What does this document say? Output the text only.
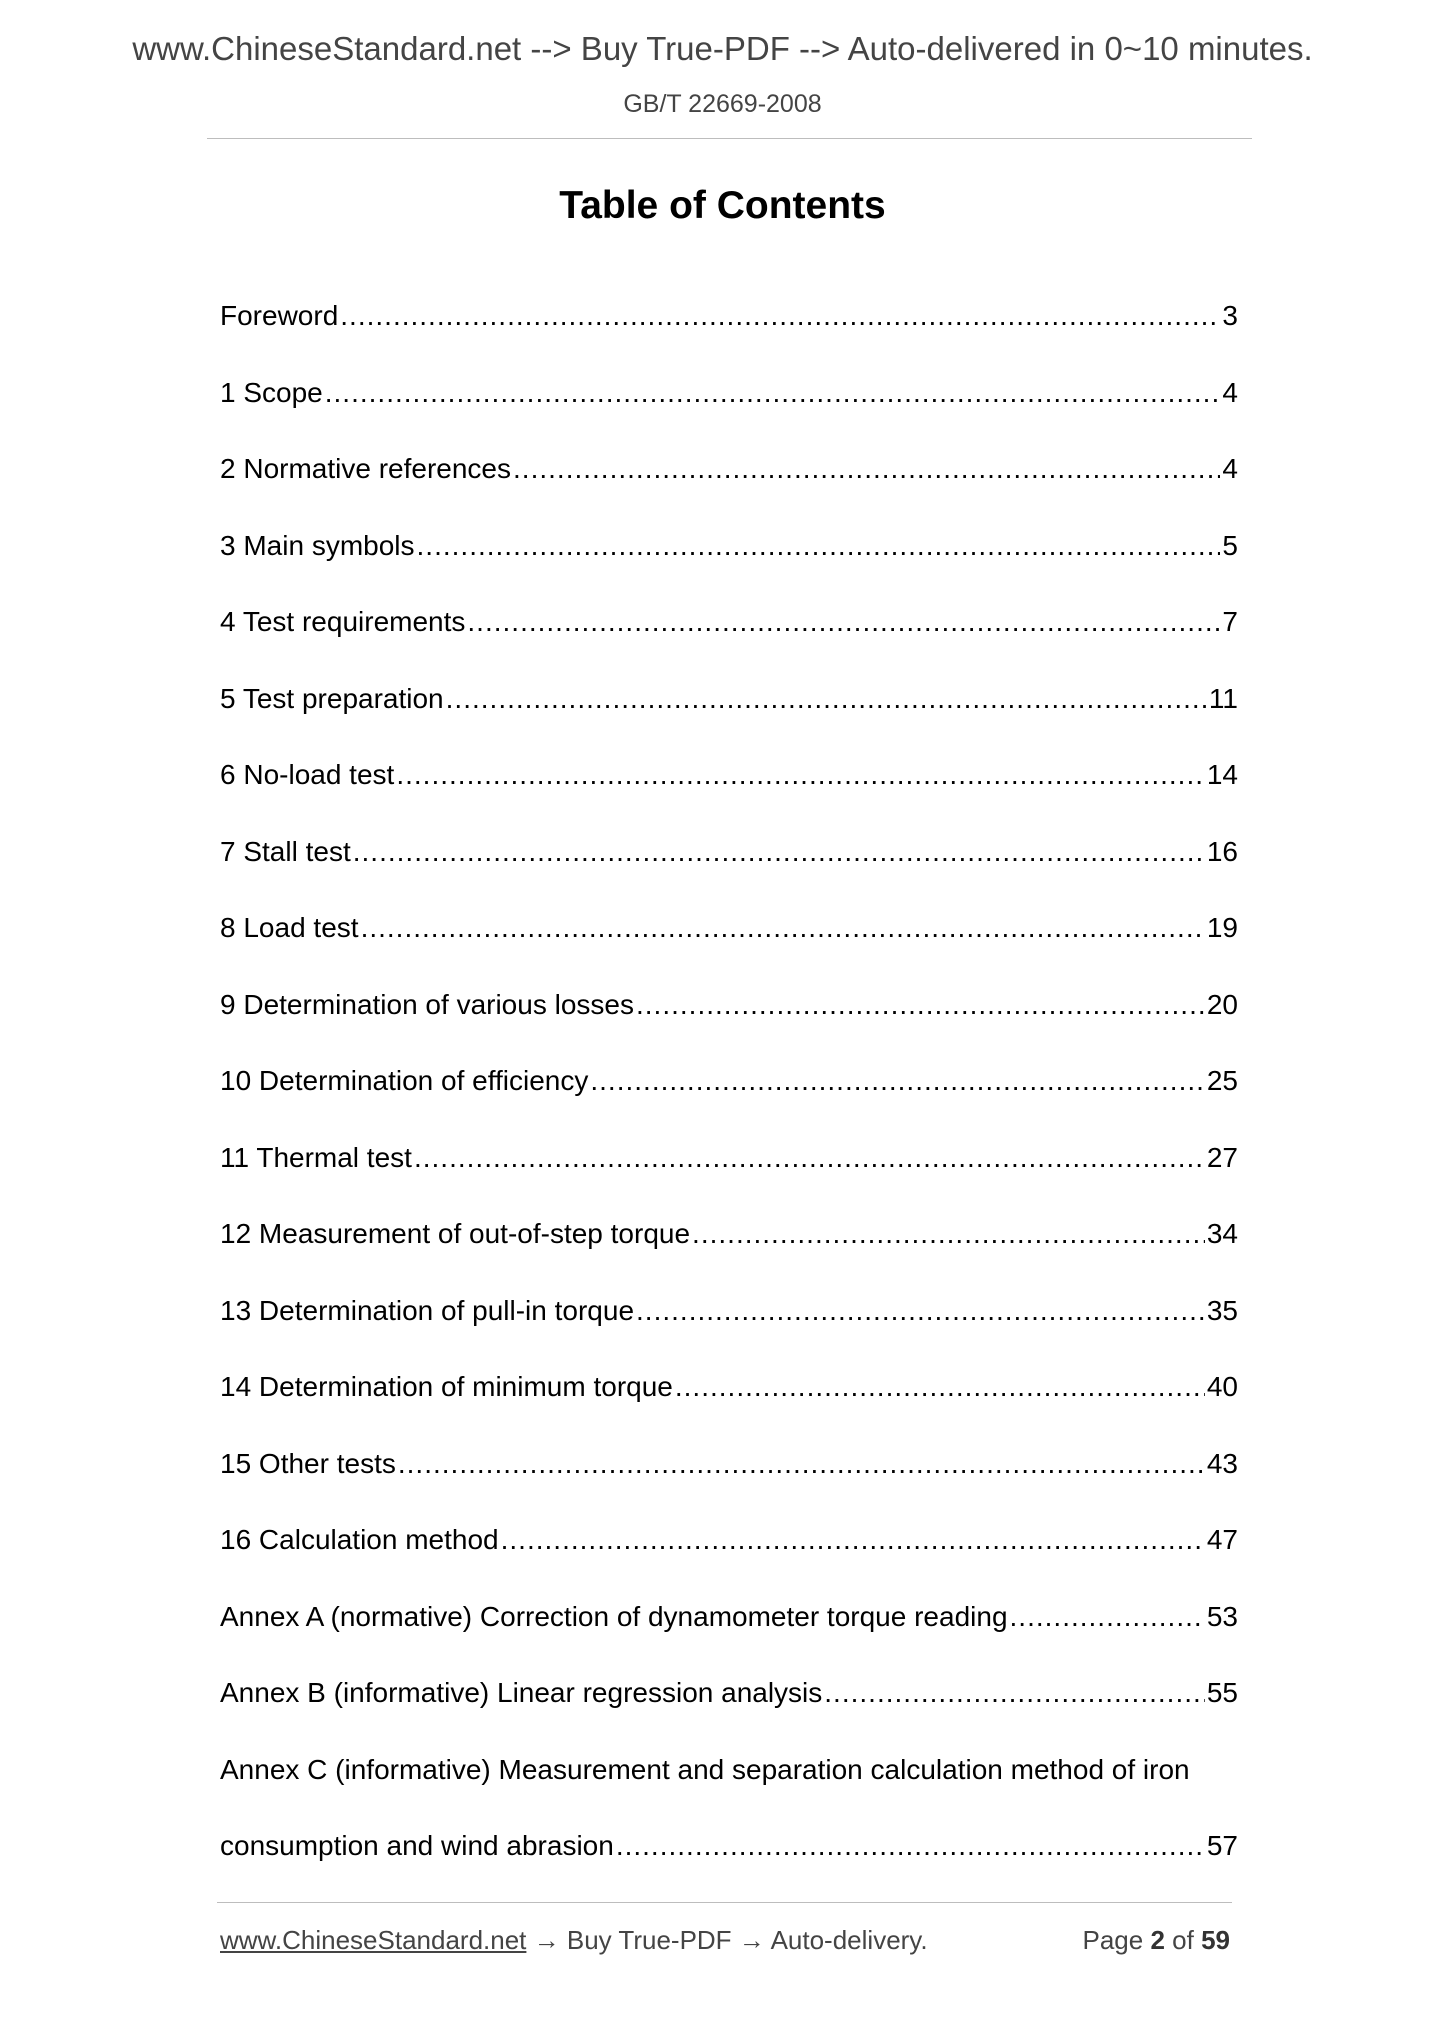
www.ChineseStandard.net --> Buy True-PDF --> Auto-delivered in 0~10 minutes.
GB/T 22669-2008
Table of Contents
Foreword .....	3
1 Scope .....	4
2 Normative references .....	4
3 Main symbols .....	5
4 Test requirements .....	7
5 Test preparation .....	11
6 No-load test .....	14
7 Stall test .....	16
8 Load test .....	19
9 Determination of various losses .....	20
10 Determination of efficiency .....	25
11 Thermal test .....	27
12 Measurement of out-of-step torque .....	34
13 Determination of pull-in torque .....	35
14 Determination of minimum torque .....	40
15 Other tests .....	43
16 Calculation method .....	47
Annex A (normative) Correction of dynamometer torque reading .....	53
Annex B (informative) Linear regression analysis .....	55
Annex C (informative) Measurement and separation calculation method of iron
consumption and wind abrasion .....	57
www.ChineseStandard.net → Buy True-PDF → Auto-delivery.	Page 2 of 59
